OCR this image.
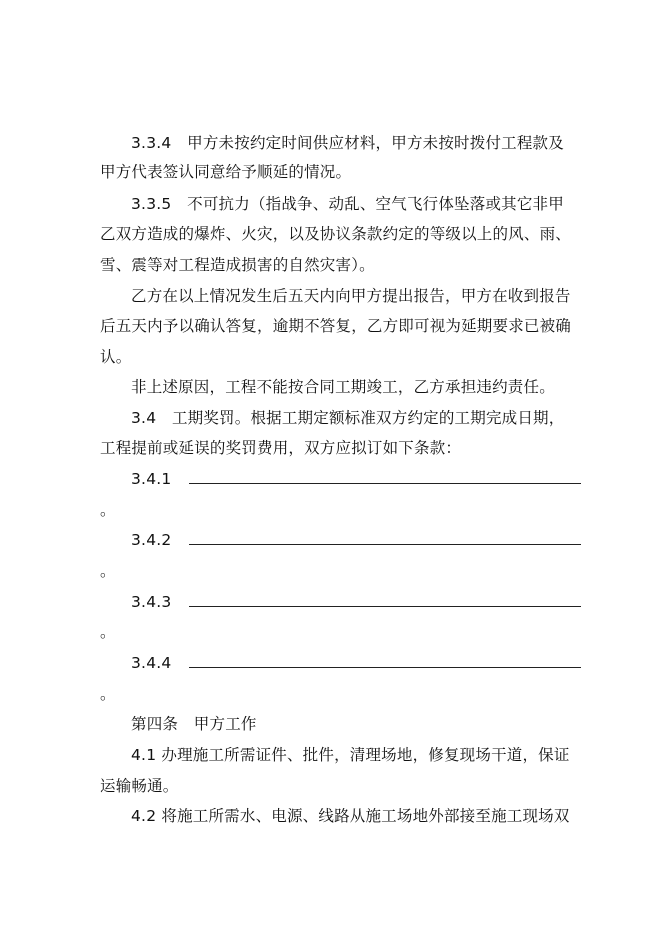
3.3.4　甲方未按约定时间供应材料，甲方未按时拨付工程款及
甲方代表签认同意给予顺延的情况。
3.3.5　不可抗力（指战争、动乱、空气飞行体坠落或其它非甲
乙双方造成的爆炸、火灾，以及协议条款约定的等级以上的风、雨、
雪、震等对工程造成损害的自然灾害）。
乙方在以上情况发生后五天内向甲方提出报告，甲方在收到报告
后五天内予以确认答复，逾期不答复，乙方即可视为延期要求已被确
认。
非上述原因，工程不能按合同工期竣工，乙方承担违约责任。
3.4　工期奖罚。根据工期定额标准双方约定的工期完成日期，
工程提前或延误的奖罚费用，双方应拟订如下条款：
3.4.1
。
3.4.2
。
3.4.3
。
3.4.4
。
第四条　甲方工作
4.1 办理施工所需证件、批件，清理场地，修复现场干道，保证
运输畅通。
4.2 将施工所需水、电源、线路从施工场地外部接至施工现场双
